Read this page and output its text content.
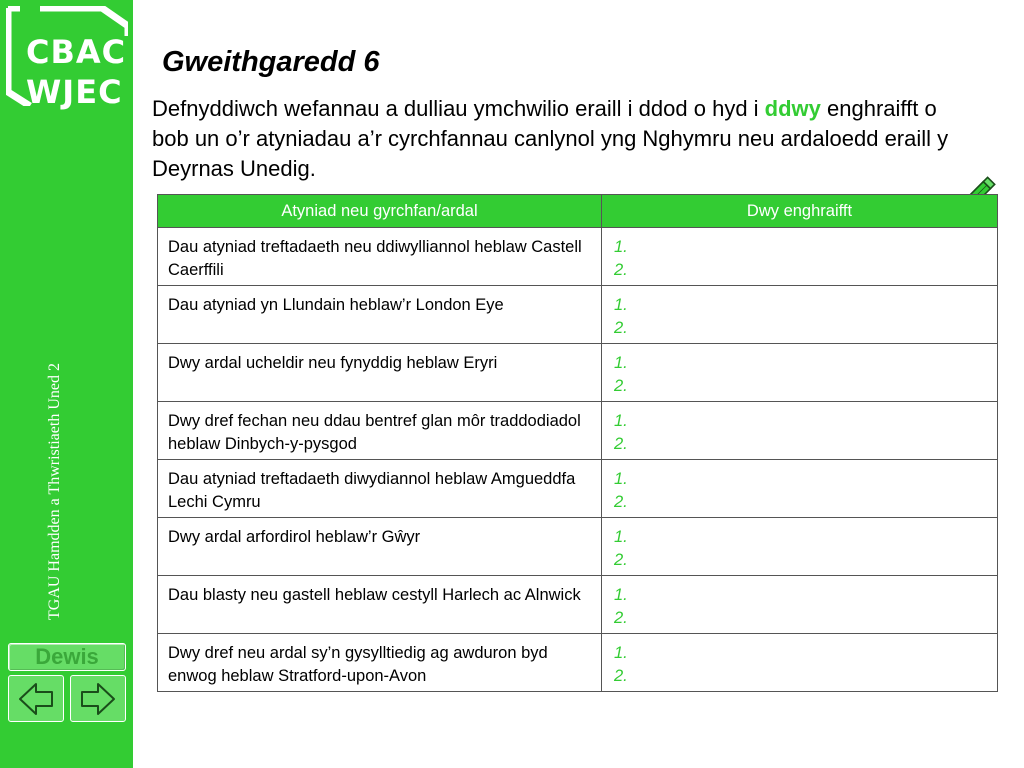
CBAC
WJEC
TGAU Hamdden a Thwristiaeth Uned 2
Dewis
Gweithgaredd 6
Defnyddiwch wefannau a dulliau ymchwilio eraill i ddod o hyd i ddwy enghraifft o bob un o’r atyniadau a’r cyrchfannau canlynol yng Nghymru neu ardaloedd eraill y Deyrnas Unedig.
Atyniad neu gyrchfan/ardal	Dwy enghraifft
Dau atyniad treftadaeth neu ddiwylliannol heblaw Castell Caerffili	1.
2.

Dau atyniad yn Llundain heblaw’r London Eye	1.
2.

Dwy ardal ucheldir neu fynyddig heblaw Eryri	1.
2.

Dwy dref fechan neu ddau bentref glan môr traddodiadol heblaw Dinbych-y-pysgod	1.
2.

Dau atyniad treftadaeth diwydiannol heblaw Amgueddfa Lechi Cymru	1.
2.

Dwy ardal arfordirol heblaw’r Gŵyr	1.
2.

Dau blasty neu gastell heblaw cestyll Harlech ac Alnwick	1.
2.

Dwy dref neu ardal sy’n gysylltiedig ag awduron byd enwog heblaw Stratford-upon-Avon	1.
2.
